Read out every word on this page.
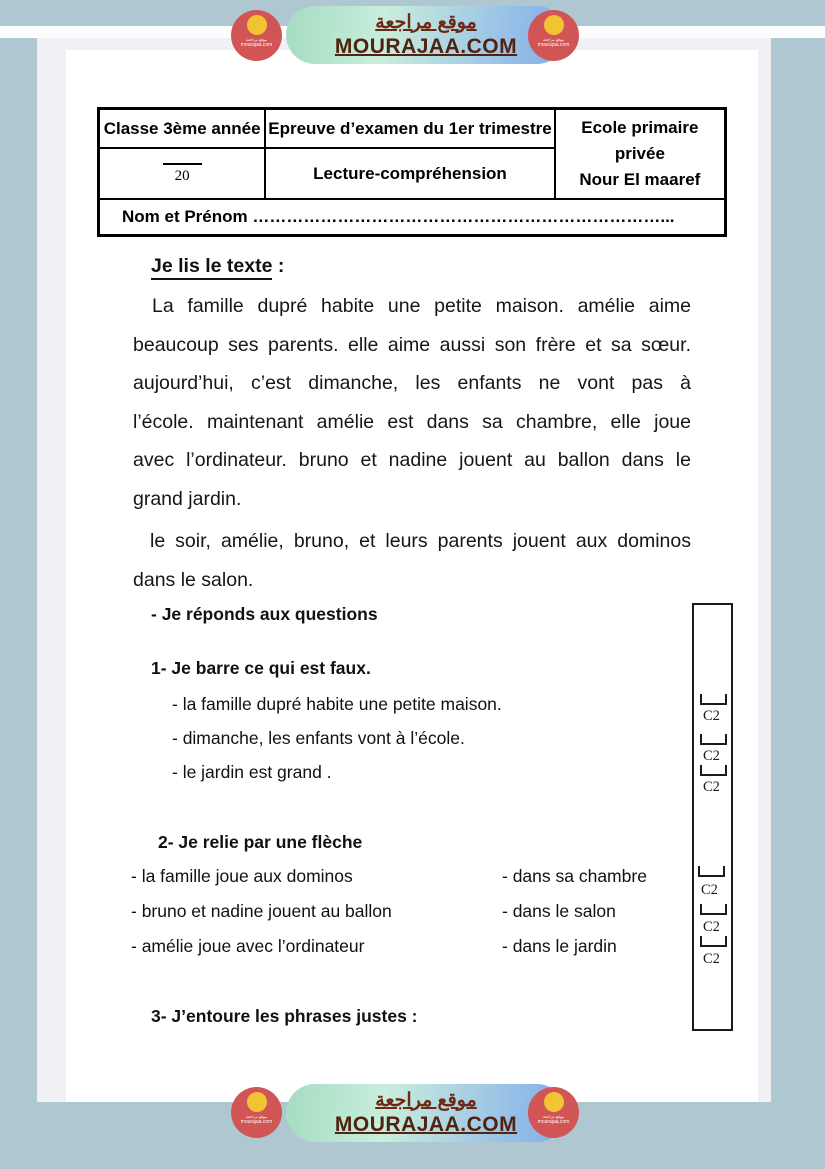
موقع مراجعة
mourajaa.com
موقع مراجعة
MOURAJAA.COM	موقع مراجعة
mourajaa.com
Classe 3ème année	Epreuve d’examen du 1er trimestre	Ecole primaire privée
Nour El maaref

20	Lecture-compréhension	
Nom et Prénom ………………………………………………………………...		
Je lis le texte :
La famille dupré habite une petite maison. amélie aime
beaucoup ses parents. elle aime aussi son frère et sa sœur.
aujourd’hui, c’est dimanche, les enfants ne vont pas à
l’école. maintenant amélie est dans sa chambre, elle joue
avec l’ordinateur. bruno et nadine jouent au ballon dans le
grand jardin.
le soir, amélie, bruno, et leurs parents jouent aux dominos
dans le salon.
- Je réponds aux questions
1- Je barre ce qui est faux.
- la famille dupré habite une petite maison.
- dimanche, les enfants vont à l’école.
- le jardin est grand .
2- Je relie par une flèche
- la famille joue aux dominos
- bruno et nadine jouent au ballon
- amélie joue avec l’ordinateur
- dans sa chambre
- dans le salon
- dans le jardin
3- J’entoure les phrases justes :
C2
C2
C2
C2
C2
C2
موقع مراجعة
mourajaa.com
موقع مراجعة
MOURAJAA.COM	موقع مراجعة
mourajaa.com
